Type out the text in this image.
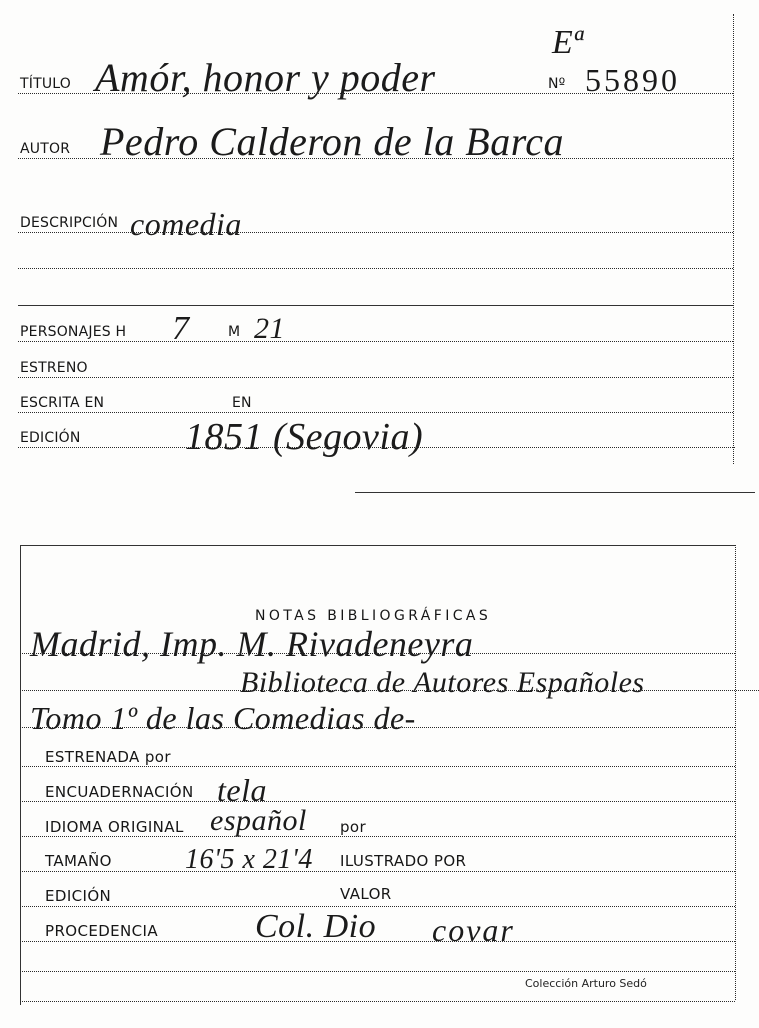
Eª
Nº 55890
TÍTULO Amór, honor y poder
AUTOR Pedro Calderon de la Barca
DESCRIPCIÓN comedia
PERSONAJES H 7	M 21
ESTRENO
ESCRITA EN	EN
EDICIÓN	1851 (Segovia)
NOTAS BIBLIOGRÁFICAS
Madrid, Imp. M. Rivadeneyra
Biblioteca de Autores Españoles
Tomo 1º de las Comedias de-
ESTRENADA por
ENCUADERNACIÓN tela
IDIOMA ORIGINAL español por
TAMAÑO	16'5 x 21'4 ILUSTRADO POR
EDICIÓN	VALOR
PROCEDENCIA	Col. Dio covar
Colección Arturo Sedó
